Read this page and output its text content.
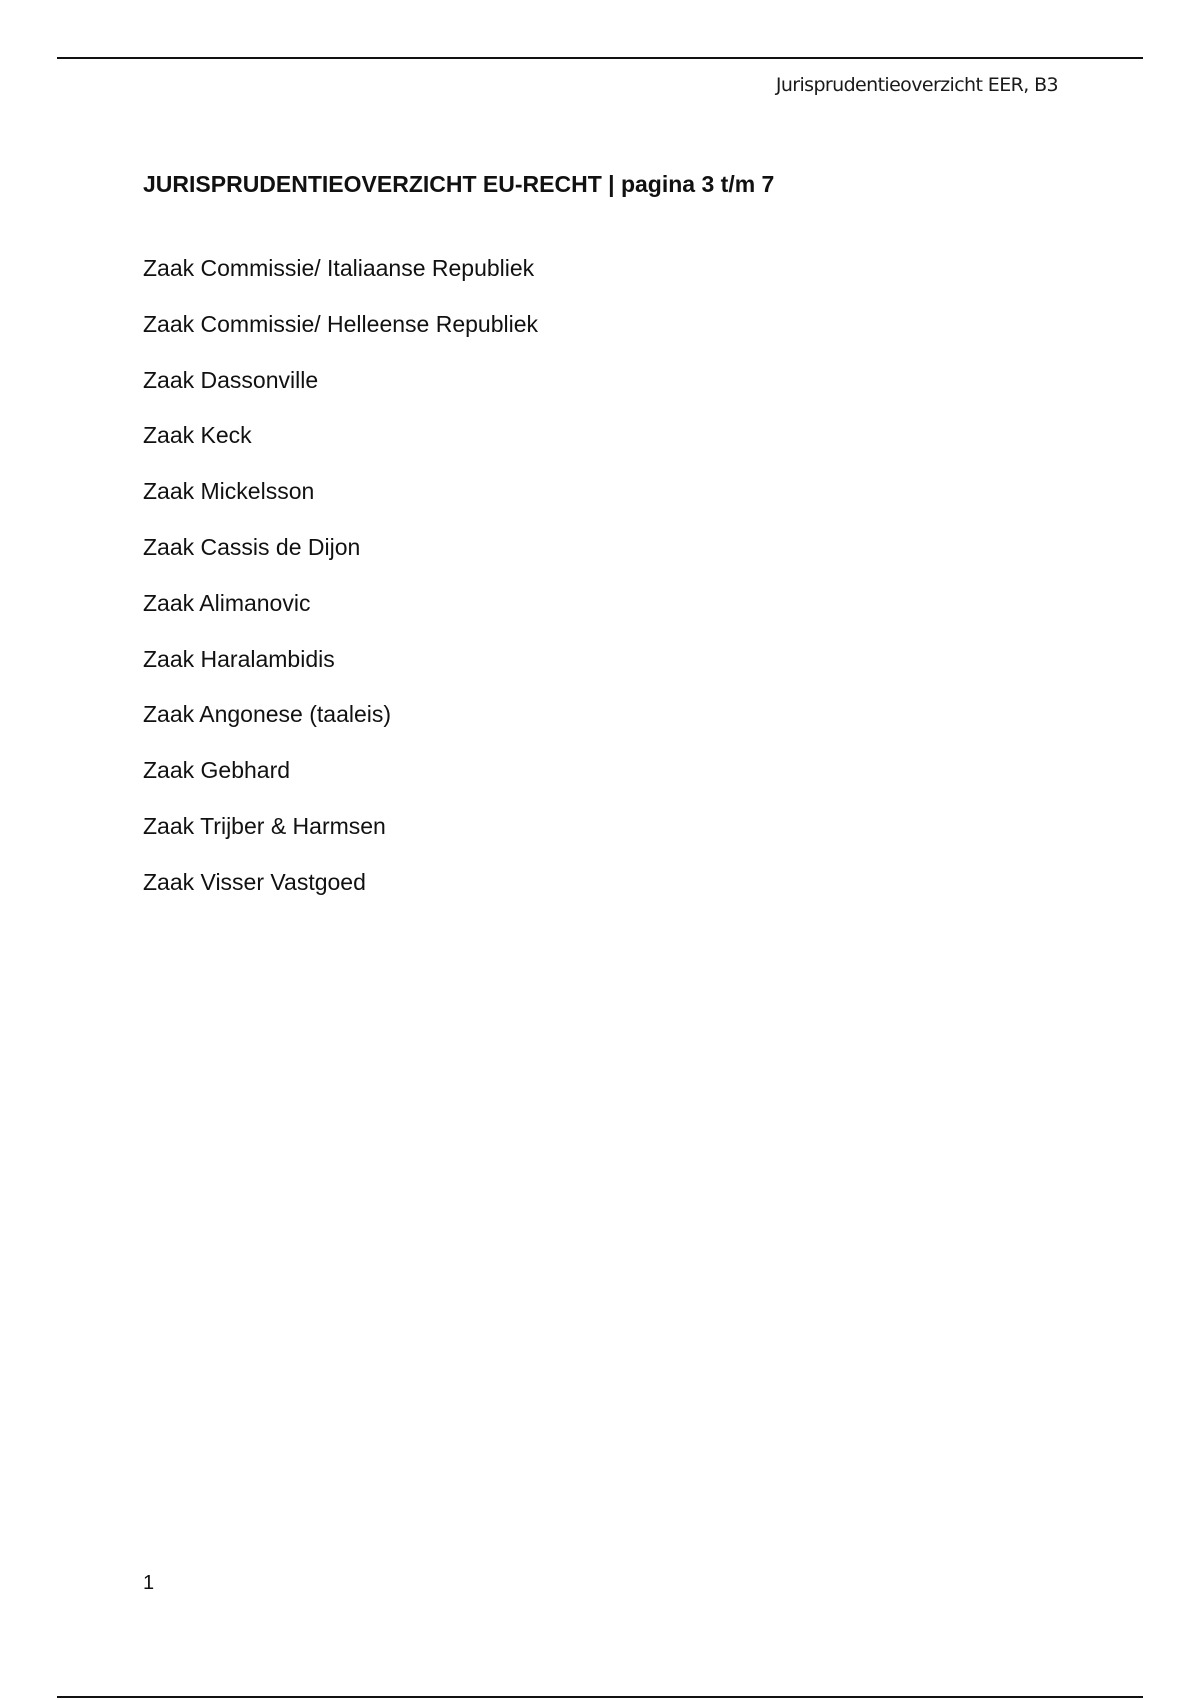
Jurisprudentieoverzicht EER, B3
JURISPRUDENTIEOVERZICHT EU-RECHT | pagina 3 t/m 7
Zaak Commissie/ Italiaanse Republiek
Zaak Commissie/ Helleense Republiek
Zaak Dassonville
Zaak Keck
Zaak Mickelsson
Zaak Cassis de Dijon
Zaak Alimanovic
Zaak Haralambidis
Zaak Angonese (taaleis)
Zaak Gebhard
Zaak Trijber & Harmsen
Zaak Visser Vastgoed
1
